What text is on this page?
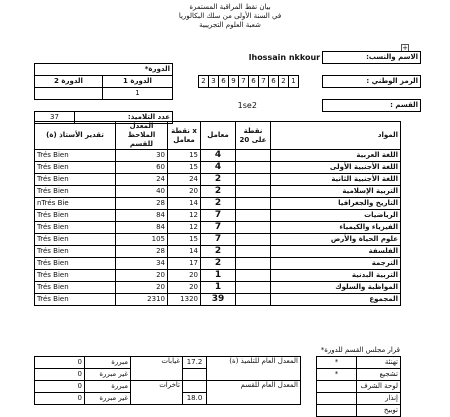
بيان نقط المراقبة المستمرة
في السنة الأولى من سلك البكالوريا
شعبة العلوم التجريبية
+
			lhossain nkkour												الاسم والنسب:
الدورة*															
الدورة 2		الدورة 1		2	3	6	9	7	6	7	6	2	1		الرمز الوطني :
		1													
			1se2												القسم :
37	عدد التلاميذ:														
تقدير الأستاذ (ة)	المعدل الملاحظ للقسم	نقطة x معامل	معامل	نقطة على 20	المواد
Trés Bien	30	15	4		اللغة العربية
Trés Bien	60	15	4		اللغة الأجنبية الأولى
Trés Bien	24	24	2		اللغة الأجنبية الثانية
Trés Bien	40	20	2		التربية الإسلامية
nTrés Bie	28	14	2		التاريخ والجغرافيا
Trés Bien	84	12	7		الرياضيات
Trés Bien	84	12	7		الفيزياء والكيمياء
Trés Bien	105	15	7		علوم الحياة والأرض
Trés Bien	28	14	2		الفلسفة
Trés Bien	34	17	2		الترجمة
Trés Bien	20	20	1		التربية البدنية
Trés Bien	20	20	1		المواظبة والسلوك
Trés Bien	2310	1320	39		المجموع
قرار مجلس القسم للدورة*
0	مبررة	غيابات	17.2	المعدل العام للتلميذ (ة)		*	تهنئة
0	غير مبررة					*	تشجيع
0	مبررة	تأخرات		المعدل العام للقسم			لوحة الشرف
0	غير مبررة		18.0				إنذار
							توبيخ
